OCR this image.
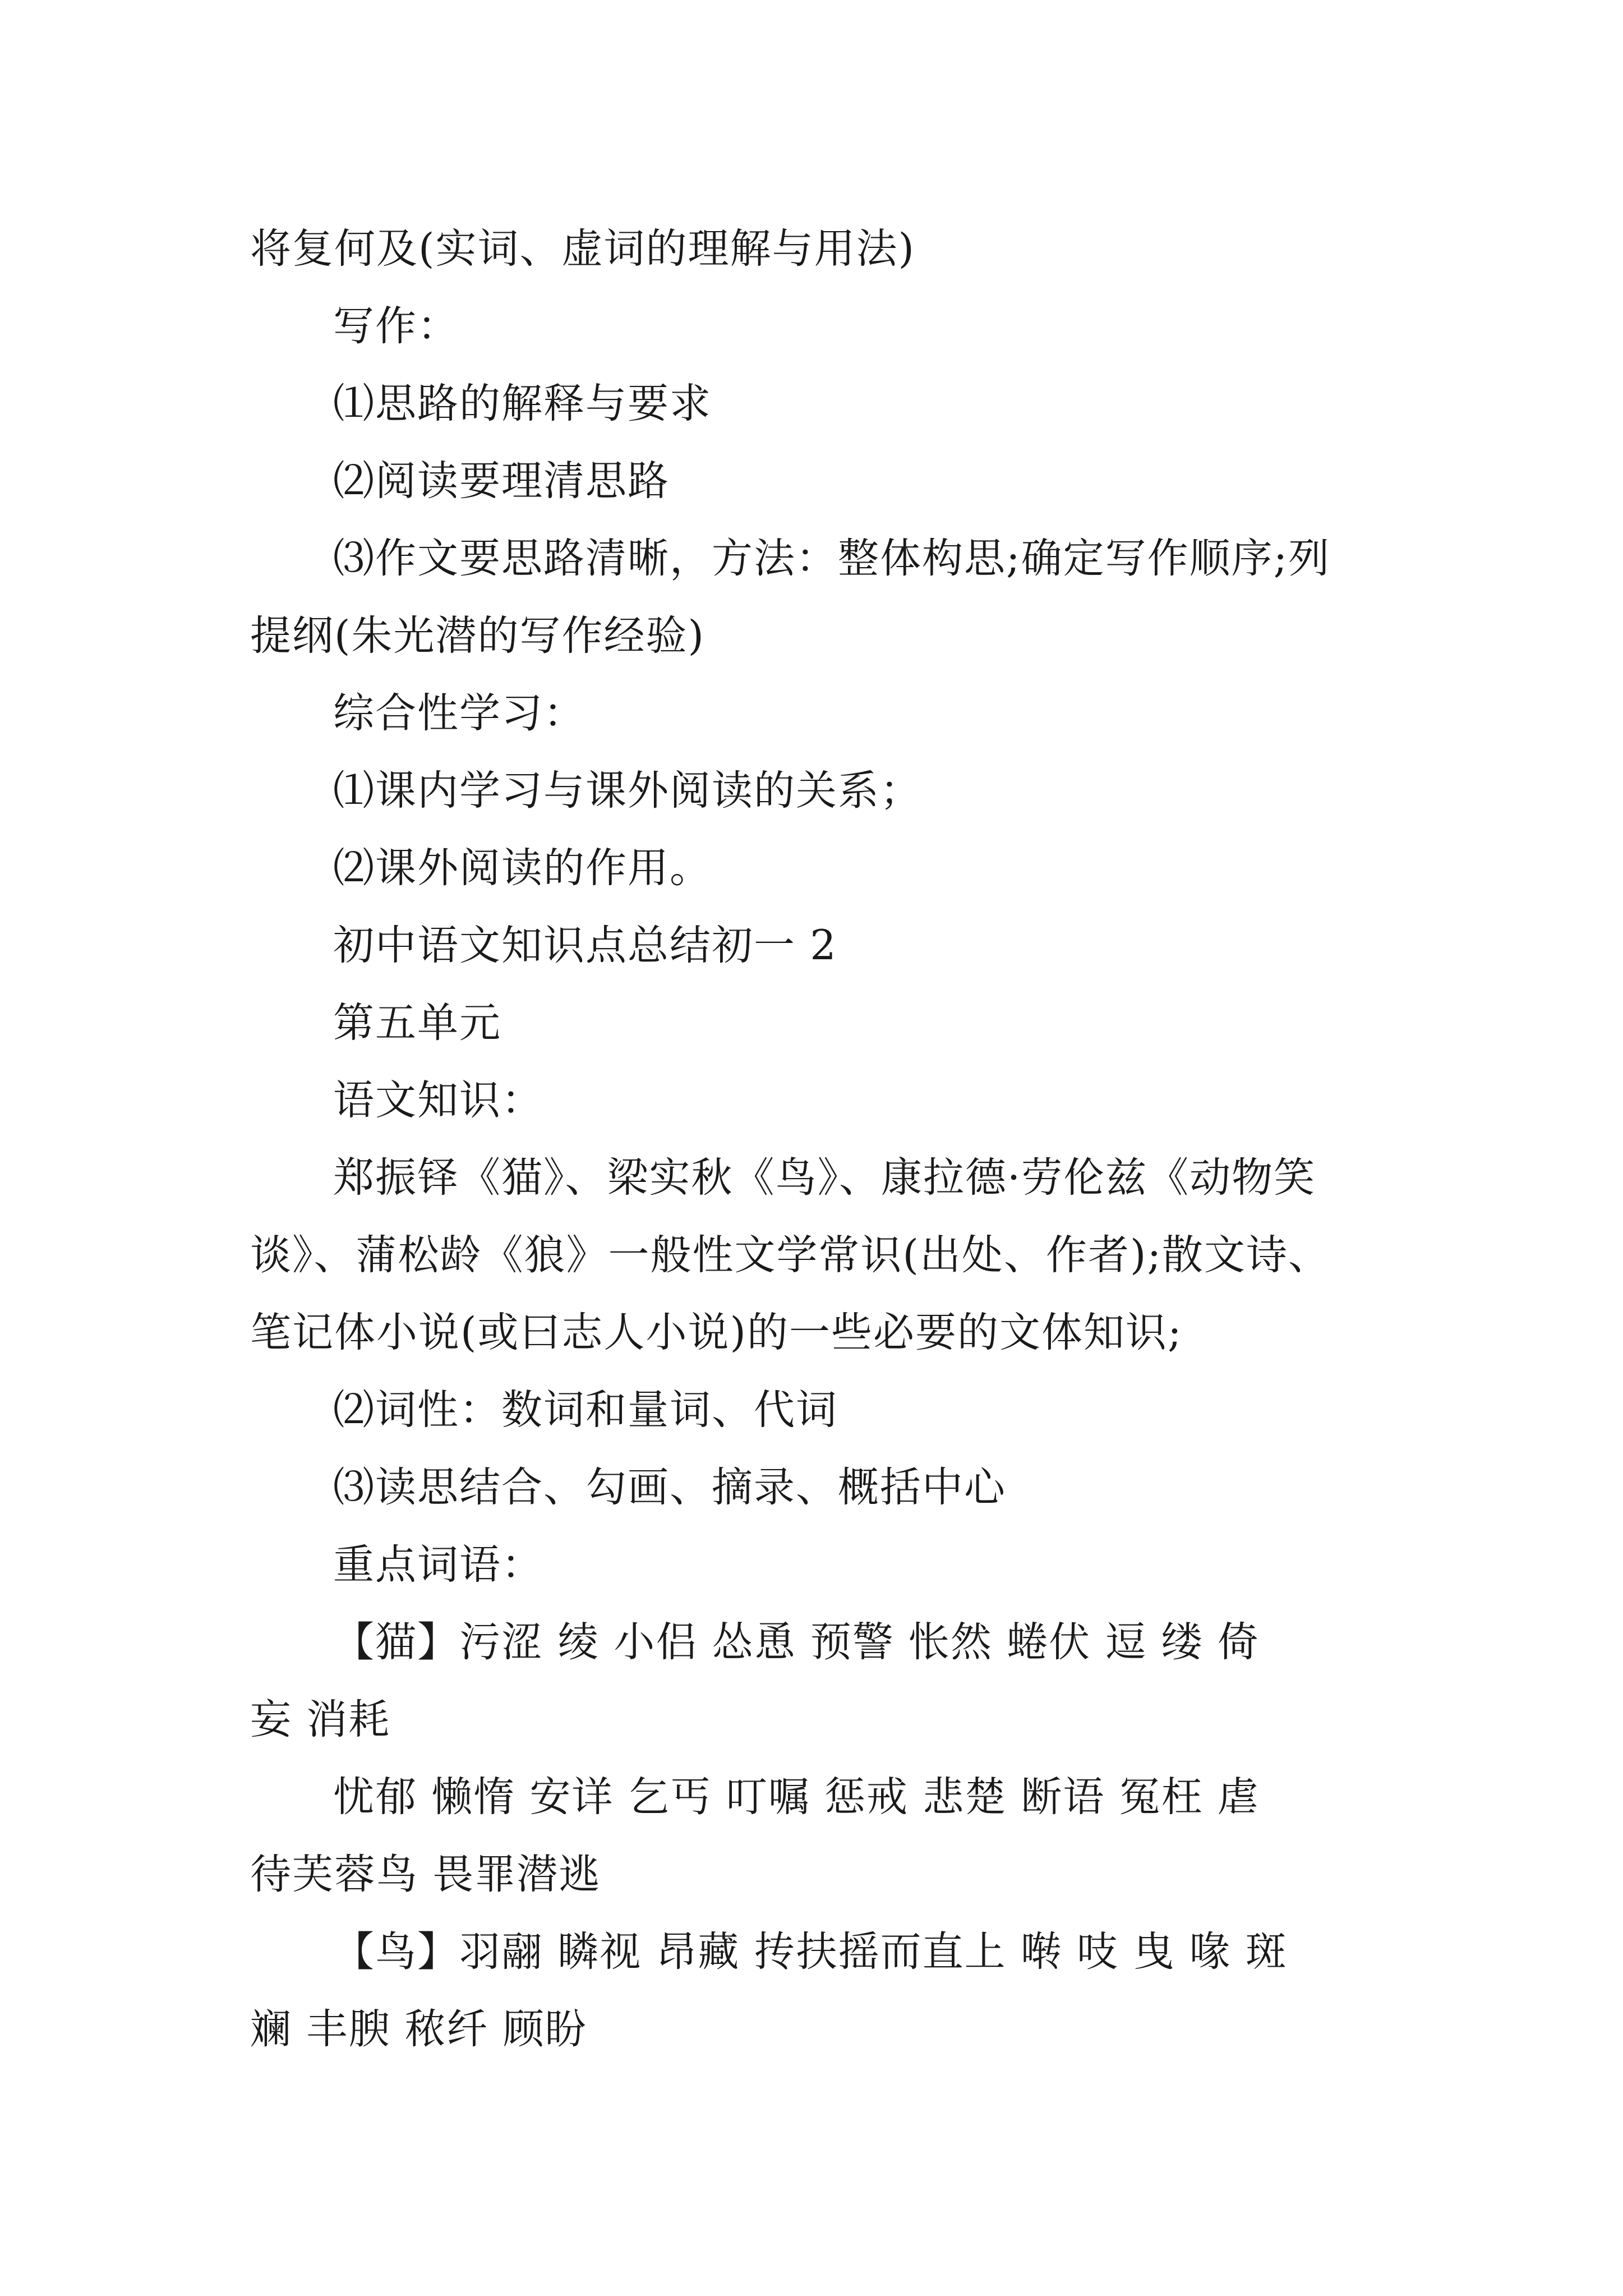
将复何及(实词、虚词的理解与用法)
写作：
⑴思路的解释与要求
⑵阅读要理清思路
⑶作文要思路清晰，方法：整体构思;确定写作顺序;列
提纲(朱光潜的写作经验)
综合性学习：
⑴课内学习与课外阅读的关系；
⑵课外阅读的作用。
初中语文知识点总结初一 2
第五单元
语文知识：
郑振铎《猫》、梁实秋《鸟》、康拉德·劳伦兹《动物笑
谈》、蒲松龄《狼》一般性文学常识(出处、作者);散文诗、
笔记体小说(或曰志人小说)的一些必要的文体知识;
⑵词性：数词和量词、代词
⑶读思结合、勾画、摘录、概括中心
重点词语：
【猫】污涩 绫 小侣 怂恿 预警 怅然 蜷伏 逗 缕 倚
妄 消耗
忧郁 懒惰 安详 乞丐 叮嘱 惩戒 悲楚 断语 冤枉 虐
待芙蓉鸟 畏罪潜逃
【鸟】羽翮 瞵视 昂藏 抟扶摇而直上 啭 吱 曳 喙 斑
斓 丰腴 秾纤 顾盼
